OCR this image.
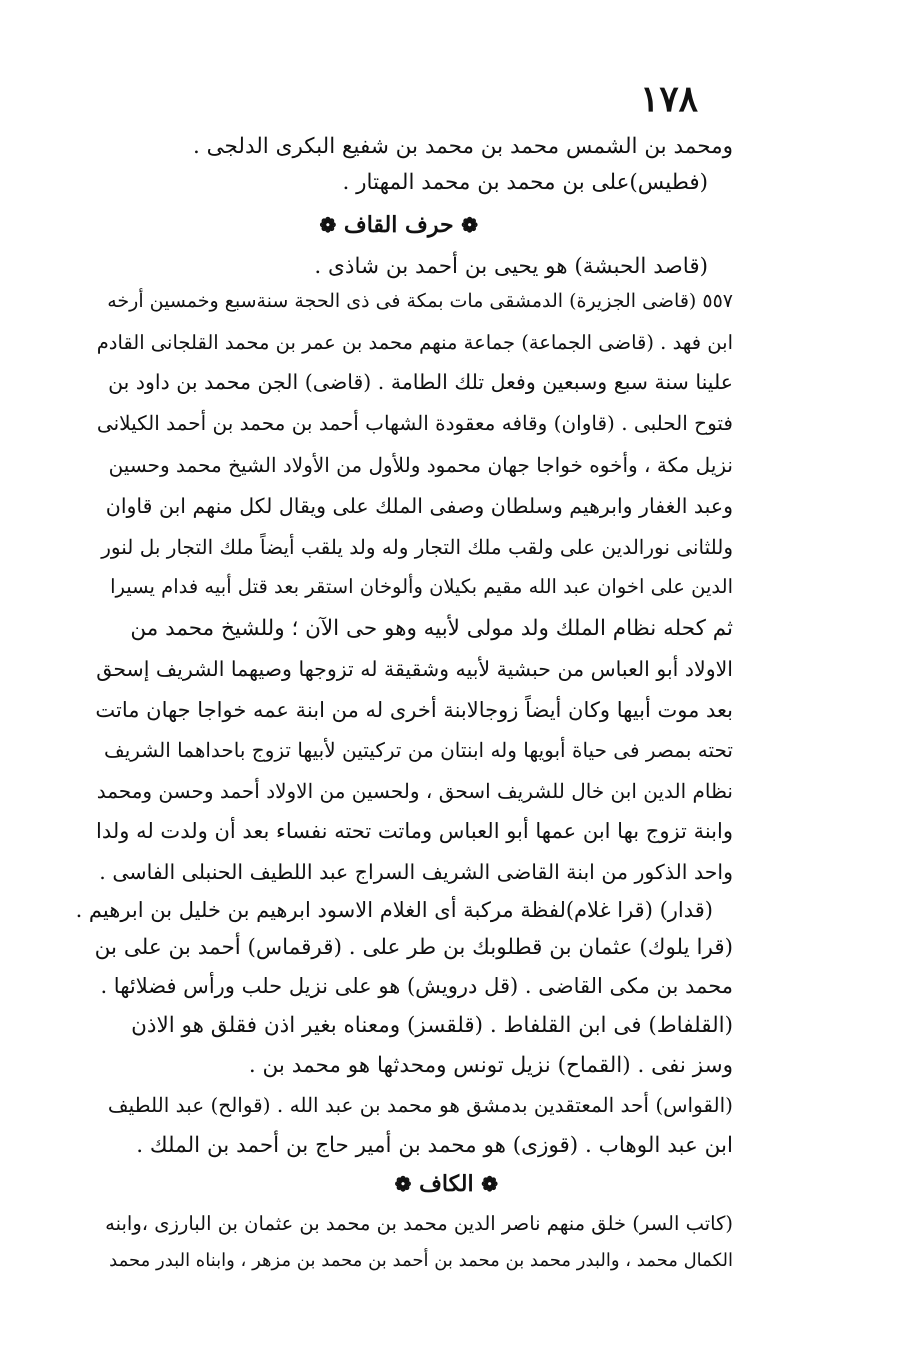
١٧٨
ومحمد بن الشمس محمد بن محمد بن شفيع البكرى الدلجى .
(فطيس)على بن محمد بن محمد المهتار .
❁ حرف القاف ❁
(قاصد الحبشة) هو يحيى بن أحمد بن شاذى .
٥٥٧ (قاضى الجزيرة) الدمشقى مات بمكة فى ذى الحجة سنةسبع وخمسين أرخه
ابن فهد . (قاضى الجماعة) جماعة منهم محمد بن عمر بن محمد القلجانى القادم
علينا سنة سبع وسبعين وفعل تلك الطامة . (قاضى) الجن محمد بن داود بن
فتوح الحلبى . (قاوان) وقافه معقودة الشهاب أحمد بن محمد بن أحمد الكيلانى
نزيل مكة ، وأخوه خواجا جهان محمود وللأول من الأولاد الشيخ محمد وحسين
وعبد الغفار وابرهيم وسلطان وصفى الملك على ويقال لكل منهم ابن قاوان
وللثانى نورالدين على ولقب ملك التجار وله ولد يلقب أيضاً ملك التجار بل لنور
الدين على اخوان عبد الله مقيم بكيلان وألوخان استقر بعد قتل أبيه فدام يسيرا
ثم كحله نظام الملك ولد مولى لأبيه وهو حى الآن ؛ وللشيخ محمد من
الاولاد أبو العباس من حبشية لأبيه وشقيقة له تزوجها وصيهما الشريف إسحق
بعد موت أبيها وكان أيضاً زوجالابنة أخرى له من ابنة عمه خواجا جهان ماتت
تحته بمصر فى حياة أبويها وله ابنتان من تركيتين لأبيها تزوج باحداهما الشريف
نظام الدين ابن خال للشريف اسحق ، ولحسين من الاولاد أحمد وحسن ومحمد
وابنة تزوج بها ابن عمها أبو العباس وماتت تحته نفساء بعد أن ولدت له ولدا
واحد الذكور من ابنة القاضى الشريف السراج عبد اللطيف الحنبلى الفاسى .
(قدار) (قرا غلام)لفظة مركبة أى الغلام الاسود ابرهيم بن خليل بن ابرهيم .
(قرا يلوك) عثمان بن قطلوبك بن طر على . (قرقماس) أحمد بن على بن
محمد بن مكى القاضى . (قل درويش) هو على نزيل حلب ورأس فضلائها .
(القلفاط) فى ابن القلفاط . (قلقسز) ومعناه بغير اذن فقلق هو الاذن
وسز نفى . (القماح) نزيل تونس ومحدثها هو محمد بن .
(القواس) أحد المعتقدين بدمشق هو محمد بن عبد الله . (قوالح) عبد اللطيف
ابن عبد الوهاب . (قوزى) هو محمد بن أمير حاج بن أحمد بن الملك .
❁ الكاف ❁
(كاتب السر) خلق منهم ناصر الدين محمد بن محمد بن عثمان بن البارزى ،وابنه
الكمال محمد ، والبدر محمد بن محمد بن أحمد بن محمد بن مزهر ، وابناه البدر محمد
